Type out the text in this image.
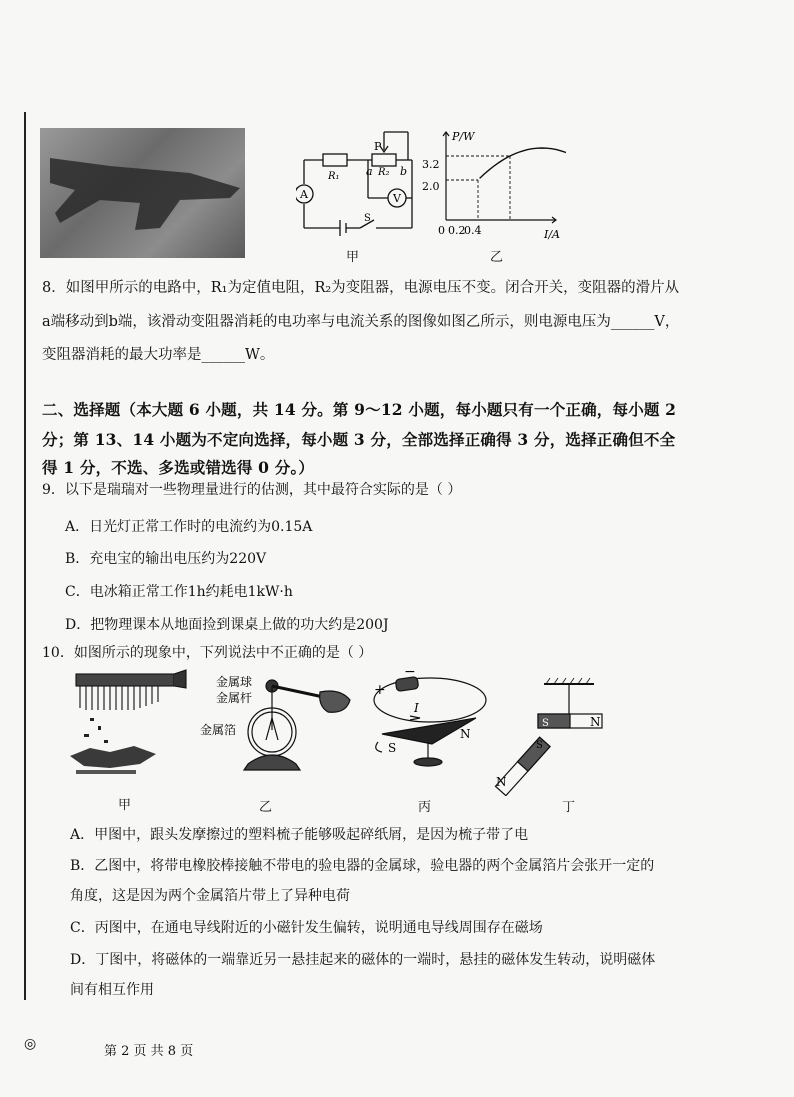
A	V
R₁ a R₂ b
P
S
甲
P/W
I/A
3.2
2.0
0 0.2
0.4
乙
8．如图甲所示的电路中，R₁为定值电阻，R₂为变阻器，电源电压不变。闭合开关，变阻器的滑片从
a端移动到b端，该滑动变阻器消耗的电功率与电流关系的图像如图乙所示，则电源电压为______V，
变阻器消耗的最大功率是______W。
二、选择题（本大题 6 小题，共 14 分。第 9～12 小题，每小题只有一个正确，每小题 2
分；第 13、14 小题为不定向选择，每小题 3 分，全部选择正确得 3 分，选择正确但不全
得 1 分，不选、多选或错选得 0 分。）
9．以下是瑞瑞对一些物理量进行的估测，其中最符合实际的是（ ）
A．日光灯正常工作时的电流约为0.15A
B．充电宝的输出电压约为220V
C．电冰箱正常工作1h约耗电1kW·h
D．把物理课本从地面捡到课桌上做的功大约是200J
10．如图所示的现象中，下列说法中不正确的是（ ）
甲
金属球
金属杆
金属箔
乙
+
−
I
N
S
丙
S	N
N
S
丁
A．甲图中，跟头发摩擦过的塑料梳子能够吸起碎纸屑，是因为梳子带了电
B．乙图中，将带电橡胶棒接触不带电的验电器的金属球，验电器的两个金属箔片会张开一定的
角度，这是因为两个金属箔片带上了异种电荷
C．丙图中，在通电导线附近的小磁针发生偏转，说明通电导线周围存在磁场
D．丁图中，将磁体的一端靠近另一悬挂起来的磁体的一端时，悬挂的磁体发生转动，说明磁体
间有相互作用
◎	第 2 页 共 8 页
